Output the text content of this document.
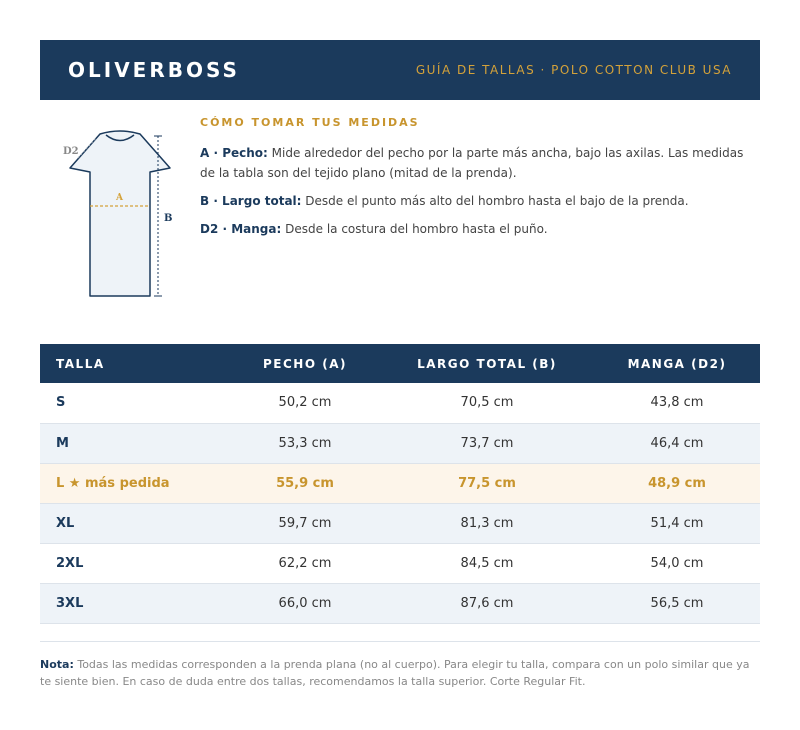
OLIVERBOSS	GUÍA DE TALLAS · POLO COTTON CLUB USA
D2
A
B
CÓMO TOMAR TUS MEDIDAS

A · Pecho: Mide alrededor del pecho por la parte más ancha, bajo las axilas. Las medidas de la tabla son del tejido plano (mitad de la prenda).

B · Largo total: Desde el punto más alto del hombro hasta el bajo de la prenda.

D2 · Manga: Desde la costura del hombro hasta el puño.

TALLA	PECHO (A)	LARGO TOTAL (B)	MANGA (D2)
S	50,2 cm	70,5 cm	43,8 cm
M	53,3 cm	73,7 cm	46,4 cm
L ★ más pedida	55,9 cm	77,5 cm	48,9 cm
XL	59,7 cm	81,3 cm	51,4 cm
2XL	62,2 cm	84,5 cm	54,0 cm
3XL	66,0 cm	87,6 cm	56,5 cm
Nota: Todas las medidas corresponden a la prenda plana (no al cuerpo). Para elegir tu talla, compara con un polo similar que ya te siente bien. En caso de duda entre dos tallas, recomendamos la talla superior. Corte Regular Fit.
